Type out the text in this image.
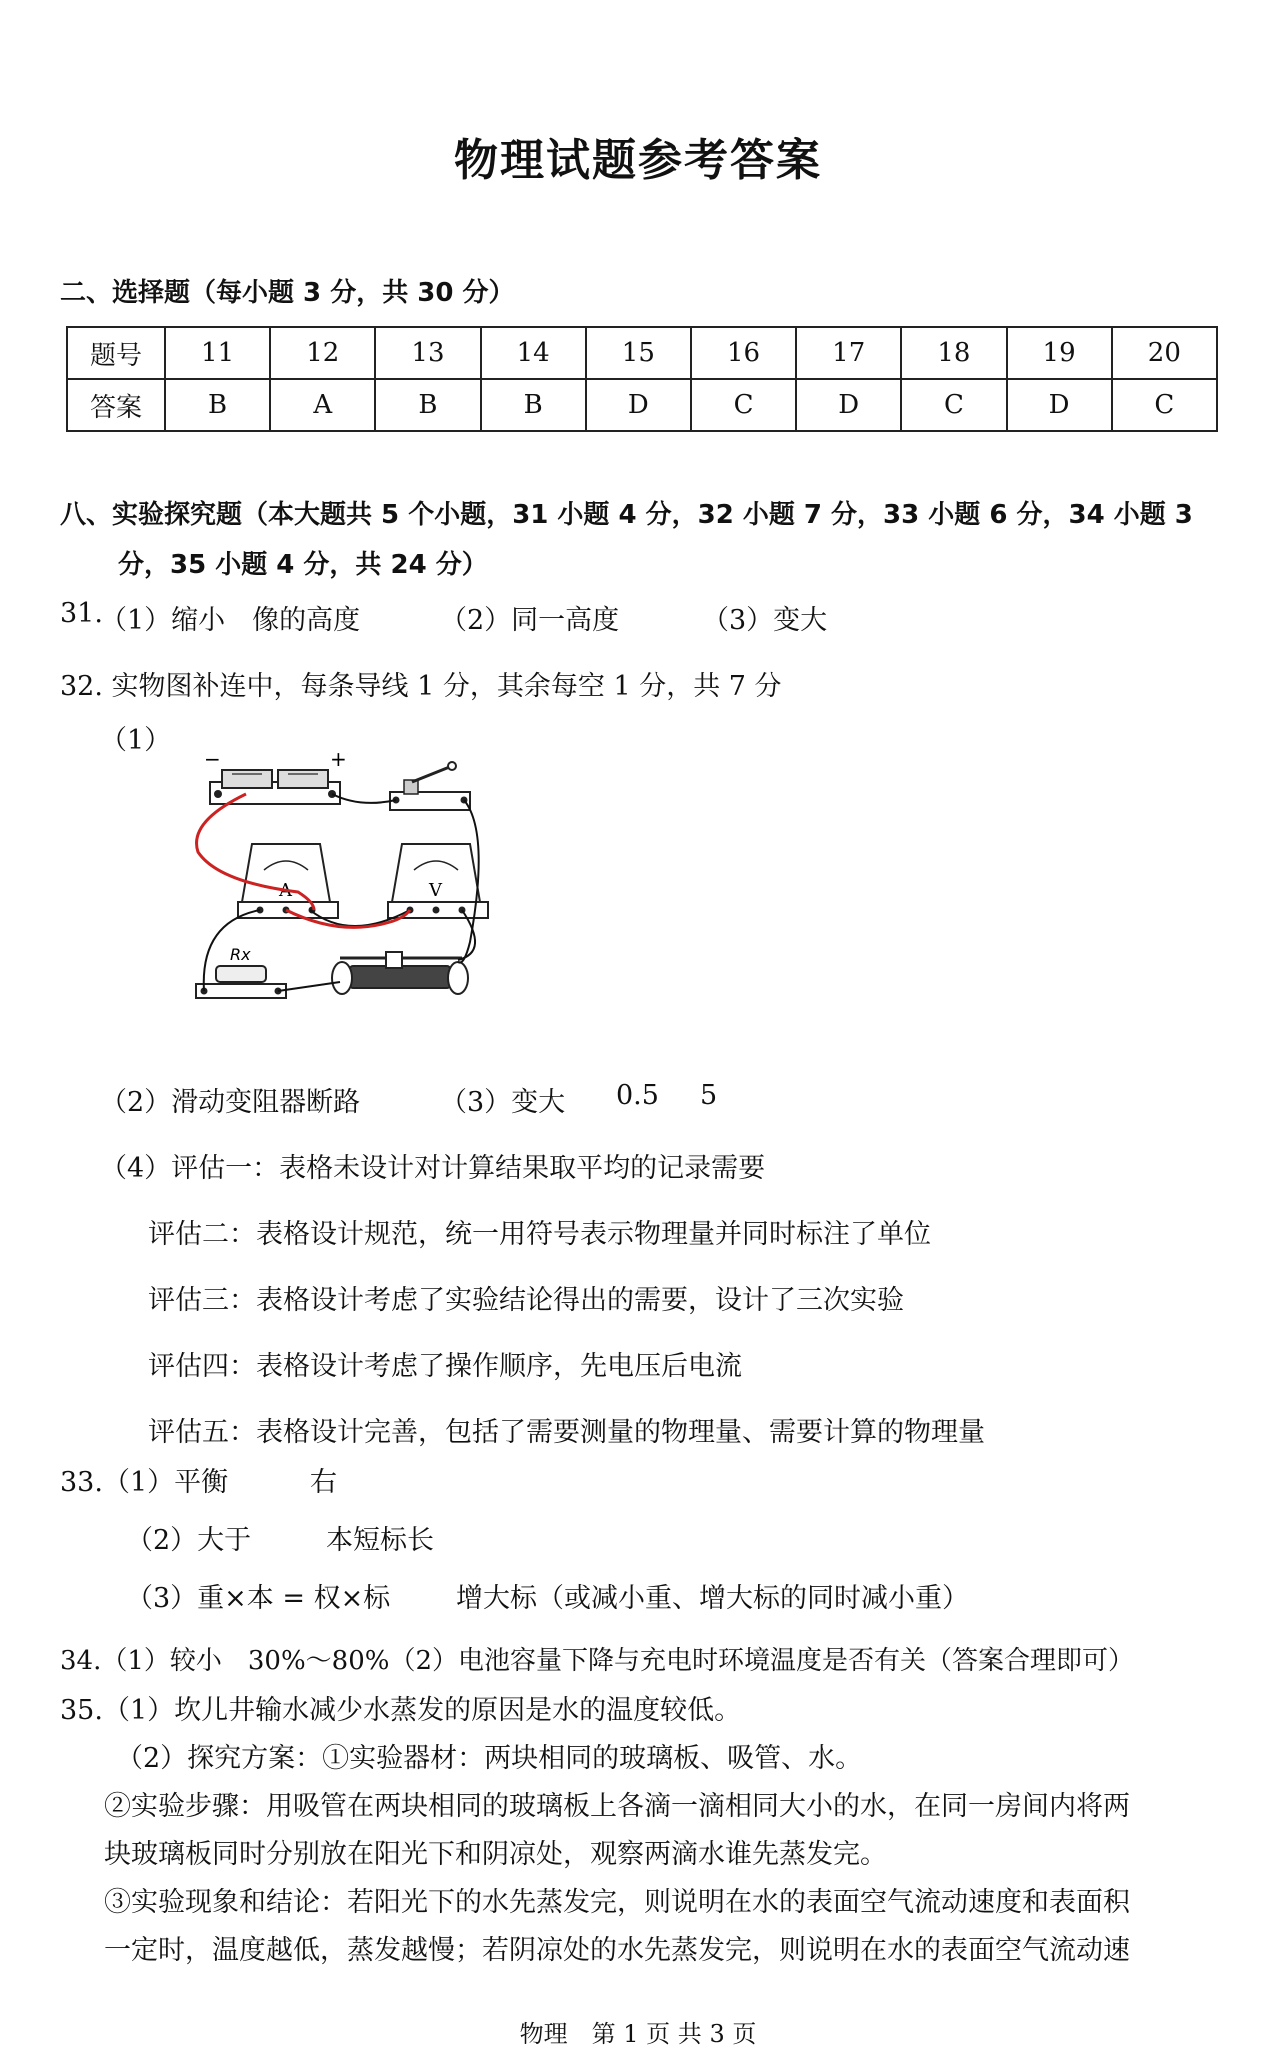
物理试题参考答案
二、选择题（每小题 3 分，共 30 分）
题号	11	12	13	14	15	16	17	18	19	20
答案	B	A	B	B	D	C	D	C	D	C
八、实验探究题（本大题共 5 个小题，31 小题 4 分，32 小题 7 分，33 小题 6 分，34 小题 3
分，35 小题 4 分，共 24 分）
31.
（1）缩小　像的高度	（2）同一高度	（3）变大
32. 实物图补连中，每条导线 1 分，其余每空 1 分，共 7 分
（1）
−	+
A	V
Rx
（2）滑动变阻器断路	（3）变大 0.5 5
（4）评估一：表格未设计对计算结果取平均的记录需要
评估二：表格设计规范，统一用符号表示物理量并同时标注了单位
评估三：表格设计考虑了实验结论得出的需要，设计了三次实验
评估四：表格设计考虑了操作顺序，先电压后电流
评估五：表格设计完善，包括了需要测量的物理量、需要计算的物理量
33.（1）平衡	右
（2）大于	本短标长
（3）重×本 = 权×标 增大标（或减小重、增大标的同时减小重）
34.（1）较小　30%～80%（2）电池容量下降与充电时环境温度是否有关（答案合理即可）
35.（1）坎儿井输水减少水蒸发的原因是水的温度较低。
（2）探究方案：①实验器材：两块相同的玻璃板、吸管、水。
②实验步骤：用吸管在两块相同的玻璃板上各滴一滴相同大小的水，在同一房间内将两
块玻璃板同时分别放在阳光下和阴凉处，观察两滴水谁先蒸发完。
③实验现象和结论：若阳光下的水先蒸发完，则说明在水的表面空气流动速度和表面积
一定时，温度越低，蒸发越慢；若阴凉处的水先蒸发完，则说明在水的表面空气流动速
物理　第 1 页 共 3 页
